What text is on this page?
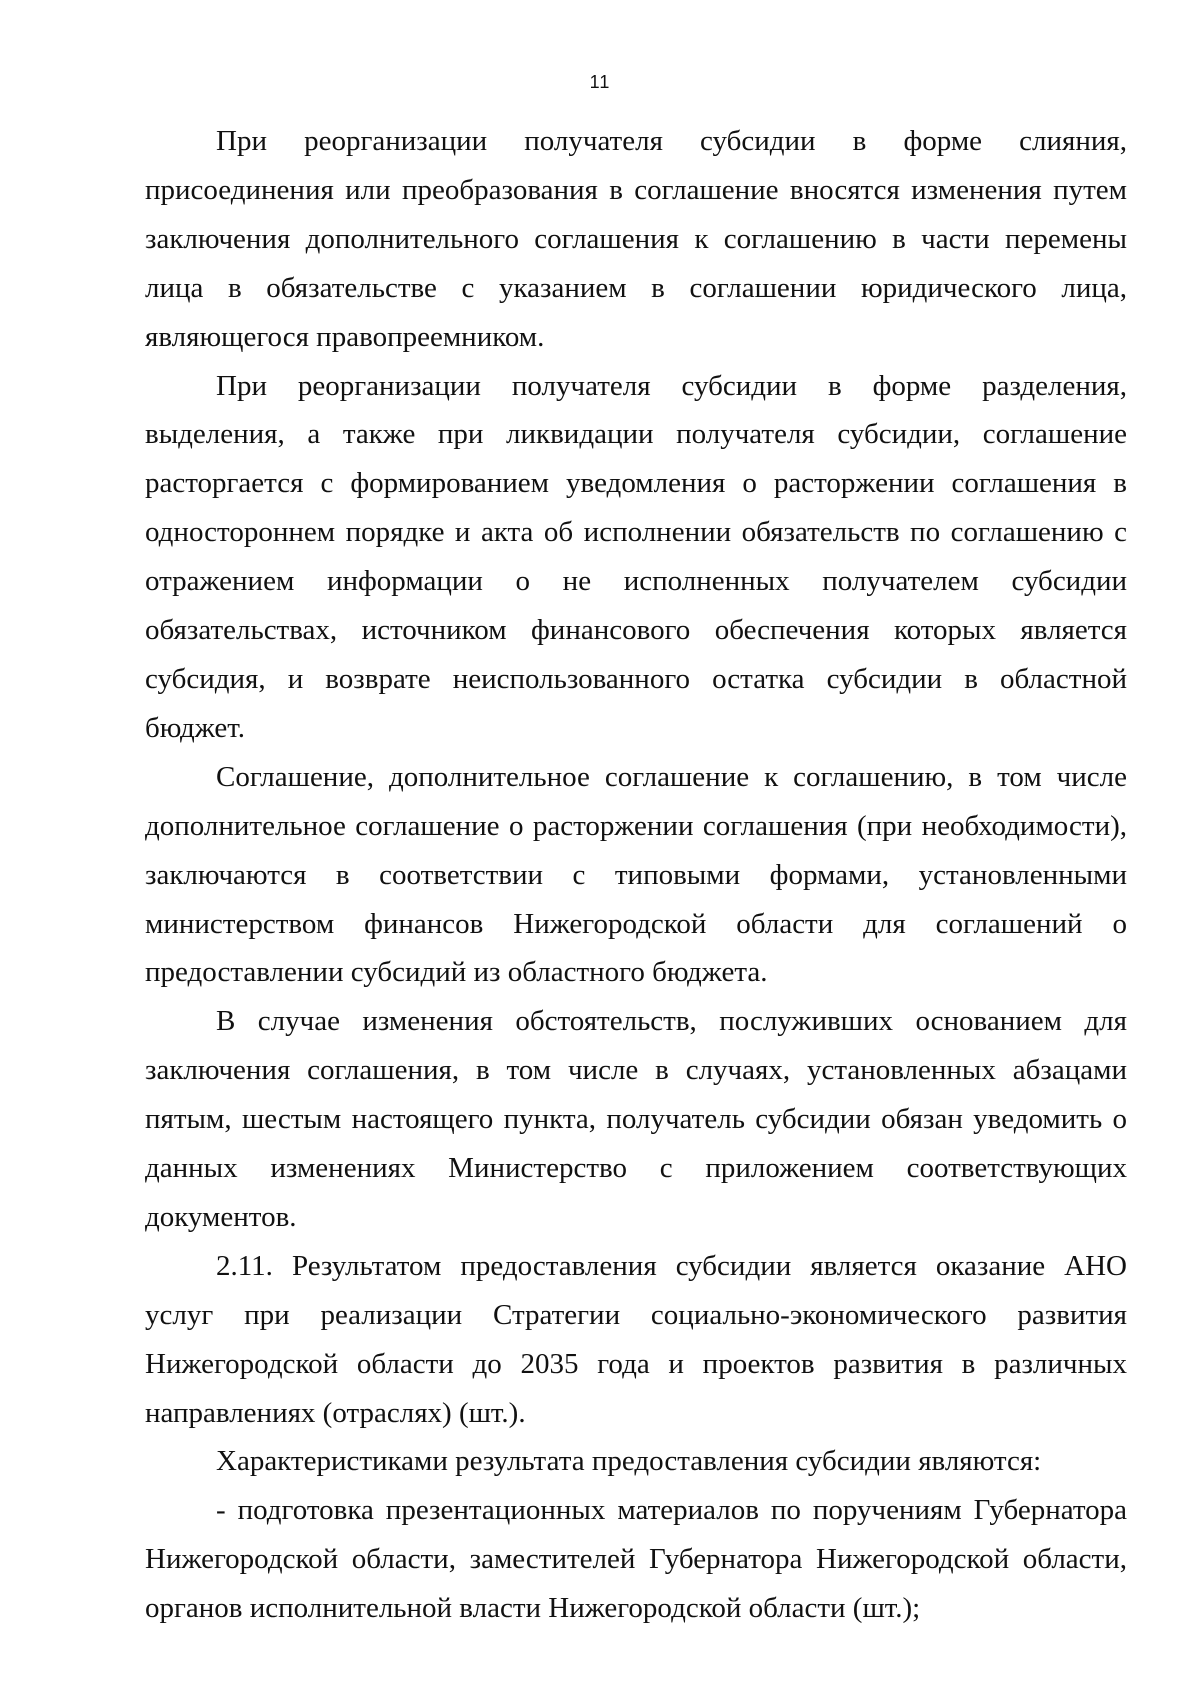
11

При реорганизации получателя субсидии в форме слияния, присоединения или преобразования в соглашение вносятся изменения путем заключения дополнительного соглашения к соглашению в части перемены лица в обязательстве с указанием в соглашении юридического лица, являющегося правопреемником.

При реорганизации получателя субсидии в форме разделения, выделения, а также при ликвидации получателя субсидии, соглашение расторгается с формированием уведомления о расторжении соглашения в одностороннем порядке и акта об исполнении обязательств по соглашению с отражением информации о не исполненных получателем субсидии обязательствах, источником финансового обеспечения которых является субсидия, и возврате неиспользованного остатка субсидии в областной бюджет.

Соглашение, дополнительное соглашение к соглашению, в том числе дополнительное соглашение о расторжении соглашения (при необходимости), заключаются в соответствии с типовыми формами, установленными министерством финансов Нижегородской области для соглашений о предоставлении субсидий из областного бюджета.

В случае изменения обстоятельств, послуживших основанием для заключения соглашения, в том числе в случаях, установленных абзацами пятым, шестым настоящего пункта, получатель субсидии обязан уведомить о данных изменениях Министерство с приложением соответствующих документов.

2.11. Результатом предоставления субсидии является оказание АНО услуг при реализации Стратегии социально-экономического развития Нижегородской области до 2035 года и проектов развития в различных направлениях (отраслях) (шт.).

Характеристиками результата предоставления субсидии являются:

- подготовка презентационных материалов по поручениям Губернатора Нижегородской области, заместителей Губернатора Нижегородской области, органов исполнительной власти Нижегородской области (шт.);
